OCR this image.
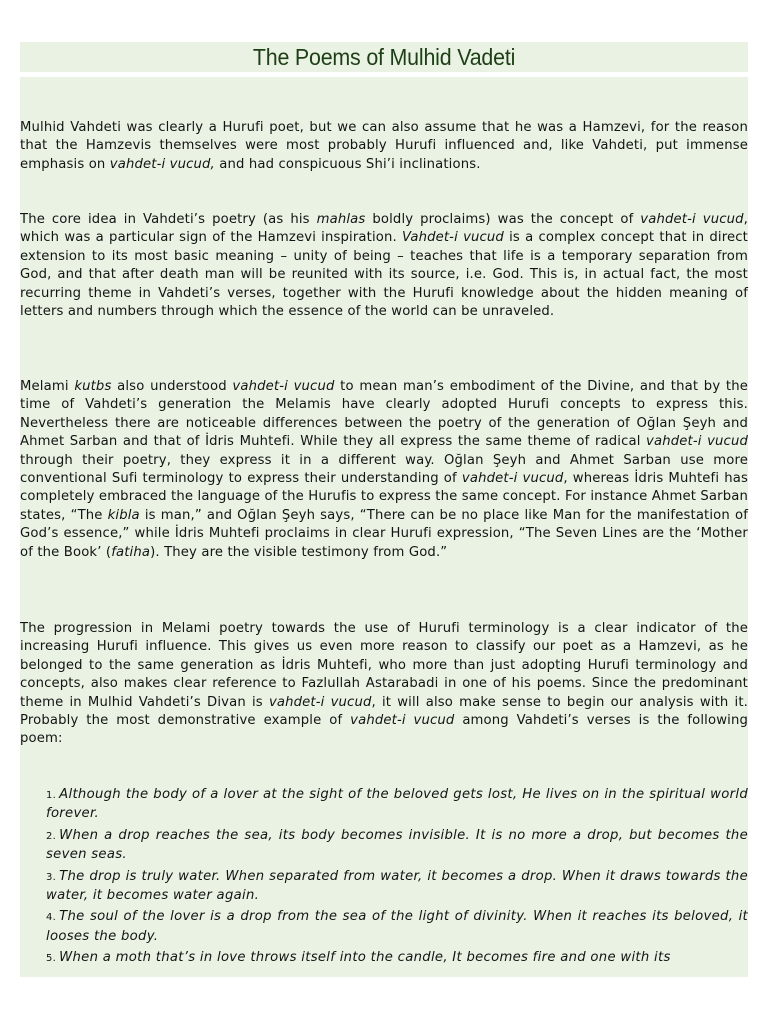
The Poems of Mulhid Vadeti

Mulhid Vahdeti was clearly a Hurufi poet, but we can also assume that he was a Hamzevi, for the reason that the Hamzevis themselves were most probably Hurufi influenced and, like Vahdeti, put immense emphasis on vahdet-i vucud, and had conspicuous Shi’i inclinations.

The core idea in Vahdeti’s poetry (as his mahlas boldly proclaims) was the concept of vahdet-i vucud, which was a particular sign of the Hamzevi inspiration. Vahdet-i vucud is a complex concept that in direct extension to its most basic meaning – unity of being – teaches that life is a temporary separation from God, and that after death man will be reunited with its source, i.e. God. This is, in actual fact, the most recurring theme in Vahdeti’s verses, together with the Hurufi knowledge about the hidden meaning of letters and numbers through which the essence of the world can be unraveled.

Melami kutbs also understood vahdet-i vucud to mean man’s embodiment of the Divine, and that by the time of Vahdeti’s generation the Melamis have clearly adopted Hurufi concepts to express this. Nevertheless there are noticeable differences between the poetry of the generation of Oğlan Şeyh and Ahmet Sarban and that of İdris Muhtefi. While they all express the same theme of radical vahdet-i vucud through their poetry, they express it in a different way. Oğlan Şeyh and Ahmet Sarban use more conventional Sufi terminology to express their understanding of vahdet-i vucud, whereas İdris Muhtefi has completely embraced the language of the Hurufis to express the same concept. For instance Ahmet Sarban states, “The kibla is man,” and Oğlan Şeyh says, “There can be no place like Man for the manifestation of God’s essence,” while İdris Muhtefi proclaims in clear Hurufi expression, “The Seven Lines are the ‘Mother of the Book’ (fatiha). They are the visible testimony from God.”

The progression in Melami poetry towards the use of Hurufi terminology is a clear indicator of the increasing Hurufi influence. This gives us even more reason to classify our poet as a Hamzevi, as he belonged to the same generation as İdris Muhtefi, who more than just adopting Hurufi terminology and concepts, also makes clear reference to Fazlullah Astarabadi in one of his poems. Since the predominant theme in Mulhid Vahdeti’s Divan is vahdet-i vucud, it will also make sense to begin our analysis with it. Probably the most demonstrative example of vahdet-i vucud among Vahdeti’s verses is the following poem:

1. Although the body of a lover at the sight of the beloved gets lost, He lives on in the spiritual world forever.
2. When a drop reaches the sea, its body becomes invisible. It is no more a drop, but becomes the seven seas.
3. The drop is truly water. When separated from water, it becomes a drop. When it draws towards the water, it becomes water again.
4. The soul of the lover is a drop from the sea of the light of divinity. When it reaches its beloved, it looses the body.
5. When a moth that’s in love throws itself into the candle, It becomes fire and one with its
